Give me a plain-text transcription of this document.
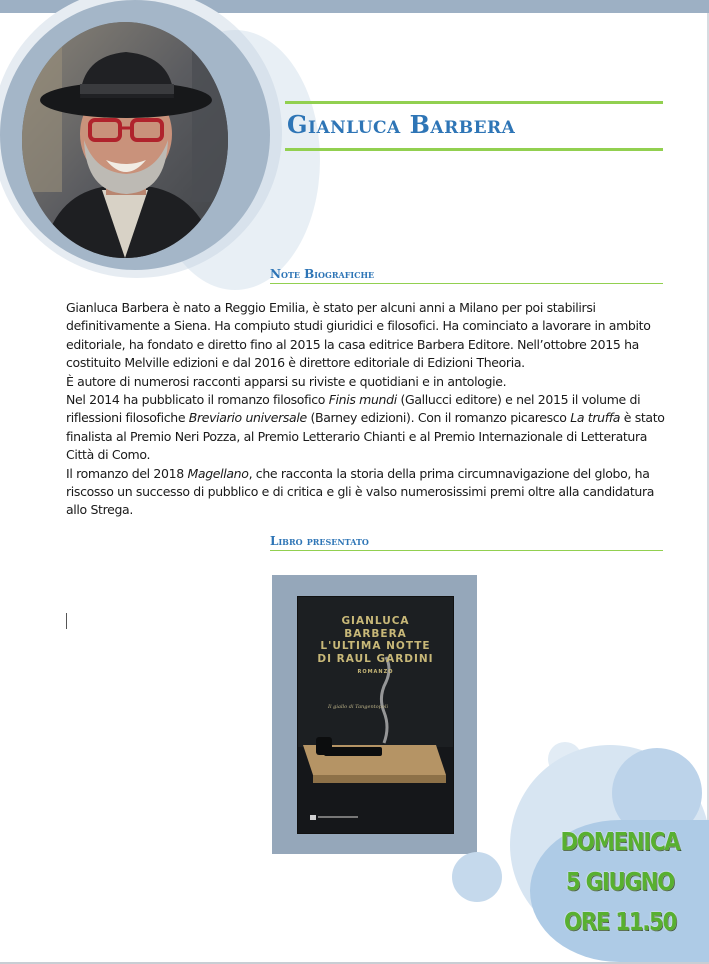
Gianluca Barbera
Note Biografiche

Gianluca Barbera è nato a Reggio Emilia, è stato per alcuni anni a Milano per poi stabilirsi definitivamente a Siena. Ha compiuto studi giuridici e filosofici. Ha cominciato a lavorare in ambito editoriale, ha fondato e diretto fino al 2015 la casa editrice Barbera Editore. Nell’ottobre 2015 ha costituito Melville edizioni e dal 2016 è direttore editoriale di Edizioni Theoria.

È autore di numerosi racconti apparsi su riviste e quotidiani e in antologie.

Nel 2014 ha pubblicato il romanzo filosofico Finis mundi (Gallucci editore) e nel 2015 il volume di riflessioni filosofiche Breviario universale (Barney edizioni). Con il romanzo picaresco La truffa è stato finalista al Premio Neri Pozza, al Premio Letterario Chianti e al Premio Internazionale di Letteratura Città di Como.

Il romanzo del 2018 Magellano, che racconta la storia della prima circumnavigazione del globo, ha riscosso un successo di pubblico e di critica e gli è valso numerosissimi premi oltre alla candidatura allo Strega.

Libro presentato
GIANLUCA
BARBERA
L'ULTIMA NOTTE
DI RAUL GARDINI
ROMANZO
Il giallo di Tangentopoli
DOMENICA
5 GIUGNO
ORE 11.50
